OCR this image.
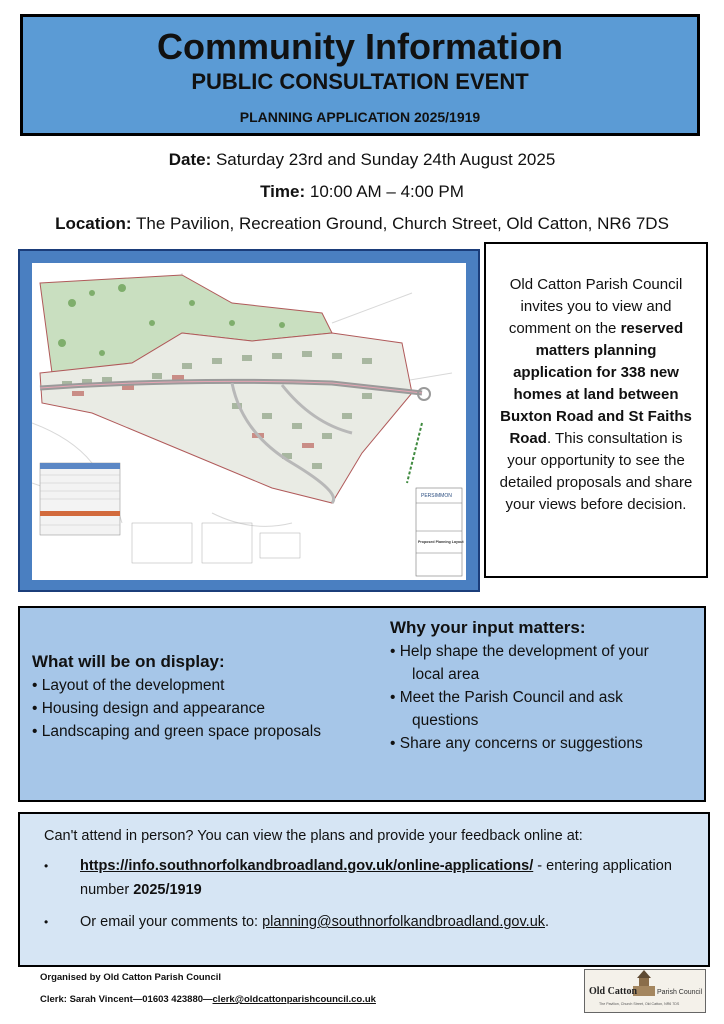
Community Information
PUBLIC CONSULTATION EVENT
PLANNING APPLICATION 2025/1919
Date: Saturday 23rd and Sunday 24th August 2025
Time: 10:00 AM – 4:00 PM
Location: The Pavilion, Recreation Ground, Church Street, Old Catton, NR6 7DS
PERSIMMON
Proposed Planning Layout
Old Catton Parish Council invites you to view and comment on the reserved matters planning application for 338 new homes at land between Buxton Road and St Faiths Road. This consultation is your opportunity to see the detailed proposals and share your views before decision.
What will be on display:
• Layout of the development
• Housing design and appearance
• Landscaping and green space proposals
Why your input matters:
• Help shape the development of your
local area
• Meet the Parish Council and ask
questions
• Share any concerns or suggestions
Can't attend in person? You can view the plans and provide your feedback online at:
• https://info.southnorfolkandbroadland.gov.uk/online-applications/ - entering application number 2025/1919
• Or email your comments to: planning@southnorfolkandbroadland.gov.uk.
Organised by Old Catton Parish Council
Clerk: Sarah Vincent—01603 423880—clerk@oldcattonparishcouncil.co.uk
Old Catton	Parish Council
The Pavilion, Church Street, Old Catton, NR6 7DS
